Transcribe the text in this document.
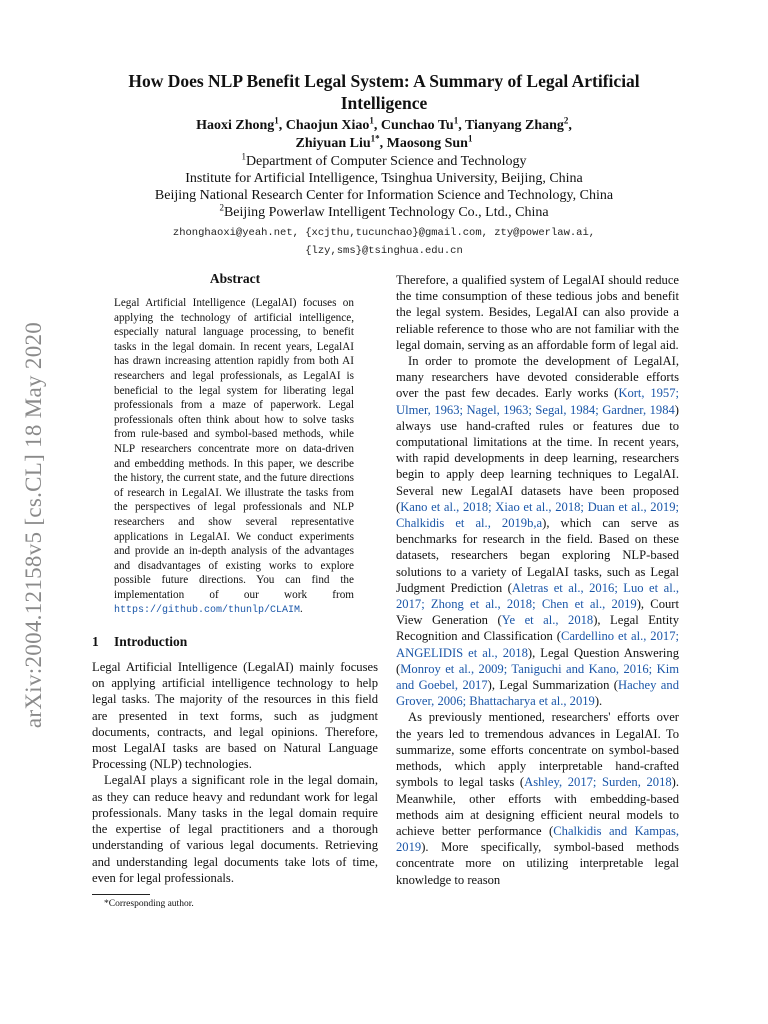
arXiv:2004.12158v5 [cs.CL] 18 May 2020
How Does NLP Benefit Legal System: A Summary of Legal Artificial Intelligence
Haoxi Zhong$^1$, Chaojun Xiao$^1$, Cunchao Tu$^1$, Tianyang Zhang$^2$,
Zhiyuan Liu$^{1*}$, Maosong Sun$^1$
$^1$Department of Computer Science and Technology
Institute for Artificial Intelligence, Tsinghua University, Beijing, China
Beijing National Research Center for Information Science and Technology, China
$^2$Beijing Powerlaw Intelligent Technology Co., Ltd., China
zhonghaoxi@yeah.net, {xcjthu,tucunchao}@gmail.com, zty@powerlaw.ai,
{lzy,sms}@tsinghua.edu.cn
Abstract

Legal Artificial Intelligence (LegalAI) focuses on applying the technology of artificial intelligence, especially natural language processing, to benefit tasks in the legal domain. In recent years, LegalAI has drawn increasing attention rapidly from both AI researchers and legal professionals, as LegalAI is beneficial to the legal system for liberating legal professionals from a maze of paperwork. Legal professionals often think about how to solve tasks from rule-based and symbol-based methods, while NLP researchers concentrate more on data-driven and embedding methods. In this paper, we describe the history, the current state, and the future directions of research in LegalAI. We illustrate the tasks from the perspectives of legal professionals and NLP researchers and show several representative applications in LegalAI. We conduct experiments and provide an in-depth analysis of the advantages and disadvantages of existing works to explore possible future directions. You can find the implementation of our work from https://github.com/thunlp/CLAIM.

1 Introduction

Legal Artificial Intelligence (LegalAI) mainly focuses on applying artificial intelligence technology to help legal tasks. The majority of the resources in this field are presented in text forms, such as judgment documents, contracts, and legal opinions. Therefore, most LegalAI tasks are based on Natural Language Processing (NLP) technologies.

LegalAI plays a significant role in the legal domain, as they can reduce heavy and redundant work for legal professionals. Many tasks in the legal domain require the expertise of legal practitioners and a thorough understanding of various legal documents. Retrieving and understanding legal documents take lots of time, even for legal professionals.

*Corresponding author.

Therefore, a qualified system of LegalAI should reduce the time consumption of these tedious jobs and benefit the legal system. Besides, LegalAI can also provide a reliable reference to those who are not familiar with the legal domain, serving as an affordable form of legal aid.

In order to promote the development of LegalAI, many researchers have devoted considerable efforts over the past few decades. Early works (Kort, 1957; Ulmer, 1963; Nagel, 1963; Segal, 1984; Gardner, 1984) always use hand-crafted rules or features due to computational limitations at the time. In recent years, with rapid developments in deep learning, researchers begin to apply deep learning techniques to LegalAI. Several new LegalAI datasets have been proposed (Kano et al., 2018; Xiao et al., 2018; Duan et al., 2019; Chalkidis et al., 2019b,a), which can serve as benchmarks for research in the field. Based on these datasets, researchers began exploring NLP-based solutions to a variety of LegalAI tasks, such as Legal Judgment Prediction (Aletras et al., 2016; Luo et al., 2017; Zhong et al., 2018; Chen et al., 2019), Court View Generation (Ye et al., 2018), Legal Entity Recognition and Classification (Cardellino et al., 2017; ANGELIDIS et al., 2018), Legal Question Answering (Monroy et al., 2009; Taniguchi and Kano, 2016; Kim and Goebel, 2017), Legal Summarization (Hachey and Grover, 2006; Bhattacharya et al., 2019).

As previously mentioned, researchers' efforts over the years led to tremendous advances in LegalAI. To summarize, some efforts concentrate on symbol-based methods, which apply interpretable hand-crafted symbols to legal tasks (Ashley, 2017; Surden, 2018). Meanwhile, other efforts with embedding-based methods aim at designing efficient neural models to achieve better performance (Chalkidis and Kampas, 2019). More specifically, symbol-based methods concentrate more on utilizing interpretable legal knowledge to reason
